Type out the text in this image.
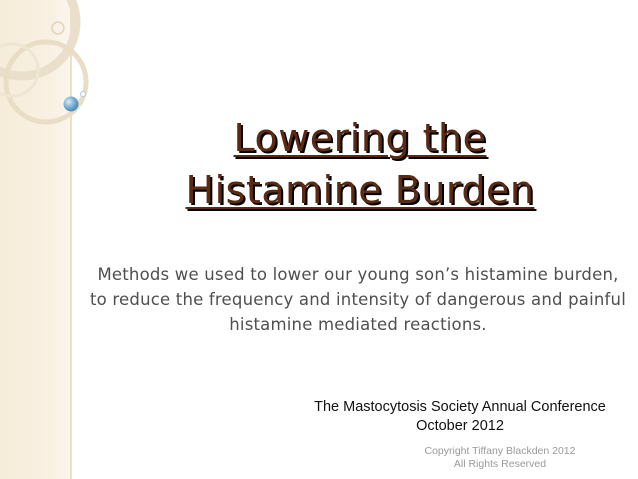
Lowering the
Histamine Burden
Methods we used to lower our young son’s histamine burden,
to reduce the frequency and intensity of dangerous and painful
histamine mediated reactions.
The Mastocytosis Society Annual Conference
October 2012
Copyright Tiffany Blackden 2012
All Rights Reserved
